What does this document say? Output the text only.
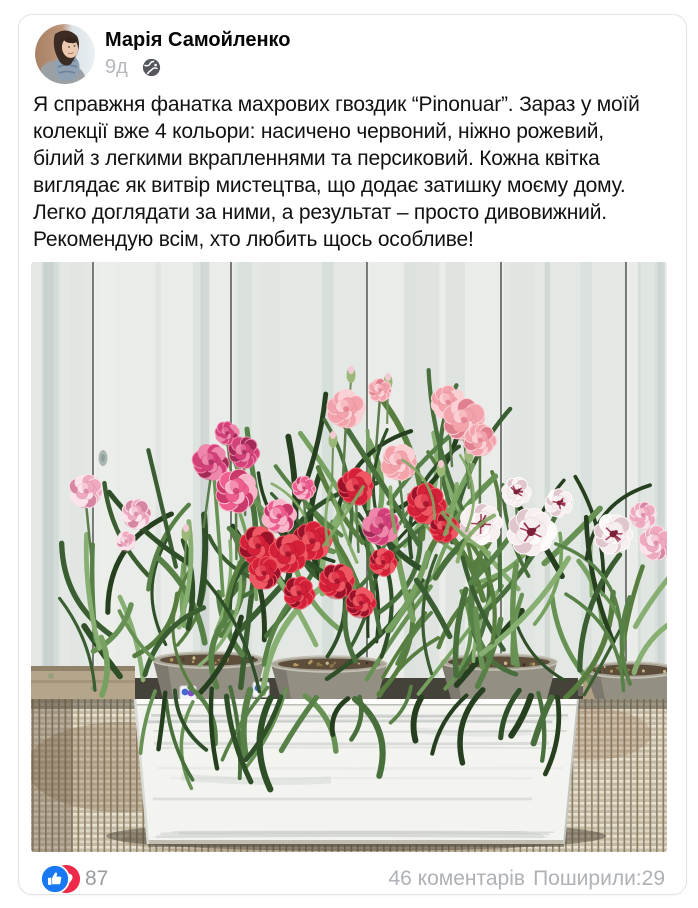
Марія Самойленко
9д
Я справжня фанатка махрових гвоздик “Pinonuar”. Зараз у моїй колекції вже 4 кольори: насичено червоний, ніжно рожевий, білий з легкими вкрапленнями та персиковий. Кожна квітка виглядає як витвір мистецтва, що додає затишку моєму дому. Легко доглядати за ними, а результат – просто дивовижний. Рекомендую всім, хто любить щось особливе!
87	46 коментарів Поширили:29
